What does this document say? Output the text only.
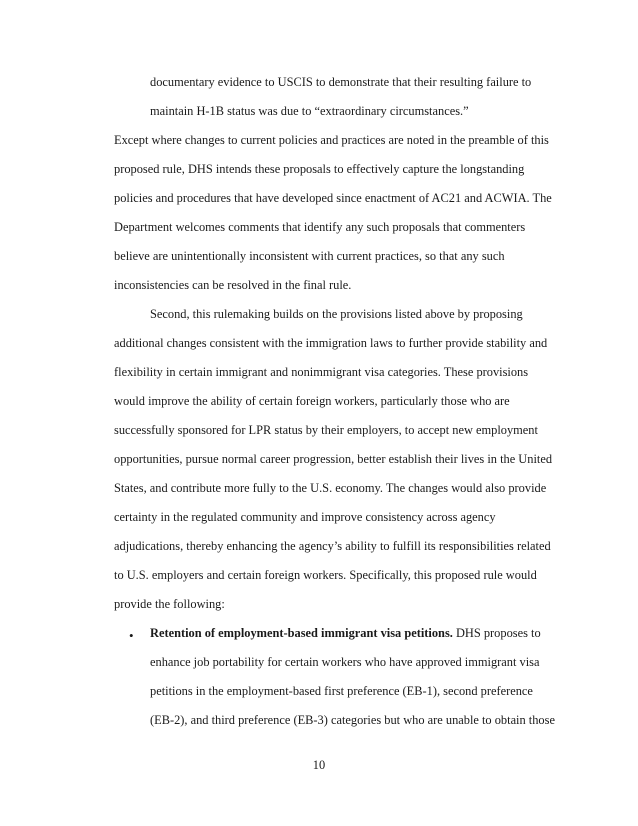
documentary evidence to USCIS to demonstrate that their resulting failure to

maintain H-1B status was due to “extraordinary circumstances.”

Except where changes to current policies and practices are noted in the preamble of this

proposed rule, DHS intends these proposals to effectively capture the longstanding

policies and procedures that have developed since enactment of AC21 and ACWIA. The

Department welcomes comments that identify any such proposals that commenters

believe are unintentionally inconsistent with current practices, so that any such

inconsistencies can be resolved in the final rule.

Second, this rulemaking builds on the provisions listed above by proposing

additional changes consistent with the immigration laws to further provide stability and

flexibility in certain immigrant and nonimmigrant visa categories. These provisions

would improve the ability of certain foreign workers, particularly those who are

successfully sponsored for LPR status by their employers, to accept new employment

opportunities, pursue normal career progression, better establish their lives in the United

States, and contribute more fully to the U.S. economy. The changes would also provide

certainty in the regulated community and improve consistency across agency

adjudications, thereby enhancing the agency’s ability to fulfill its responsibilities related

to U.S. employers and certain foreign workers. Specifically, this proposed rule would

provide the following:

• Retention of employment-based immigrant visa petitions. DHS proposes to

enhance job portability for certain workers who have approved immigrant visa

petitions in the employment-based first preference (EB-1), second preference

(EB-2), and third preference (EB-3) categories but who are unable to obtain those

10
